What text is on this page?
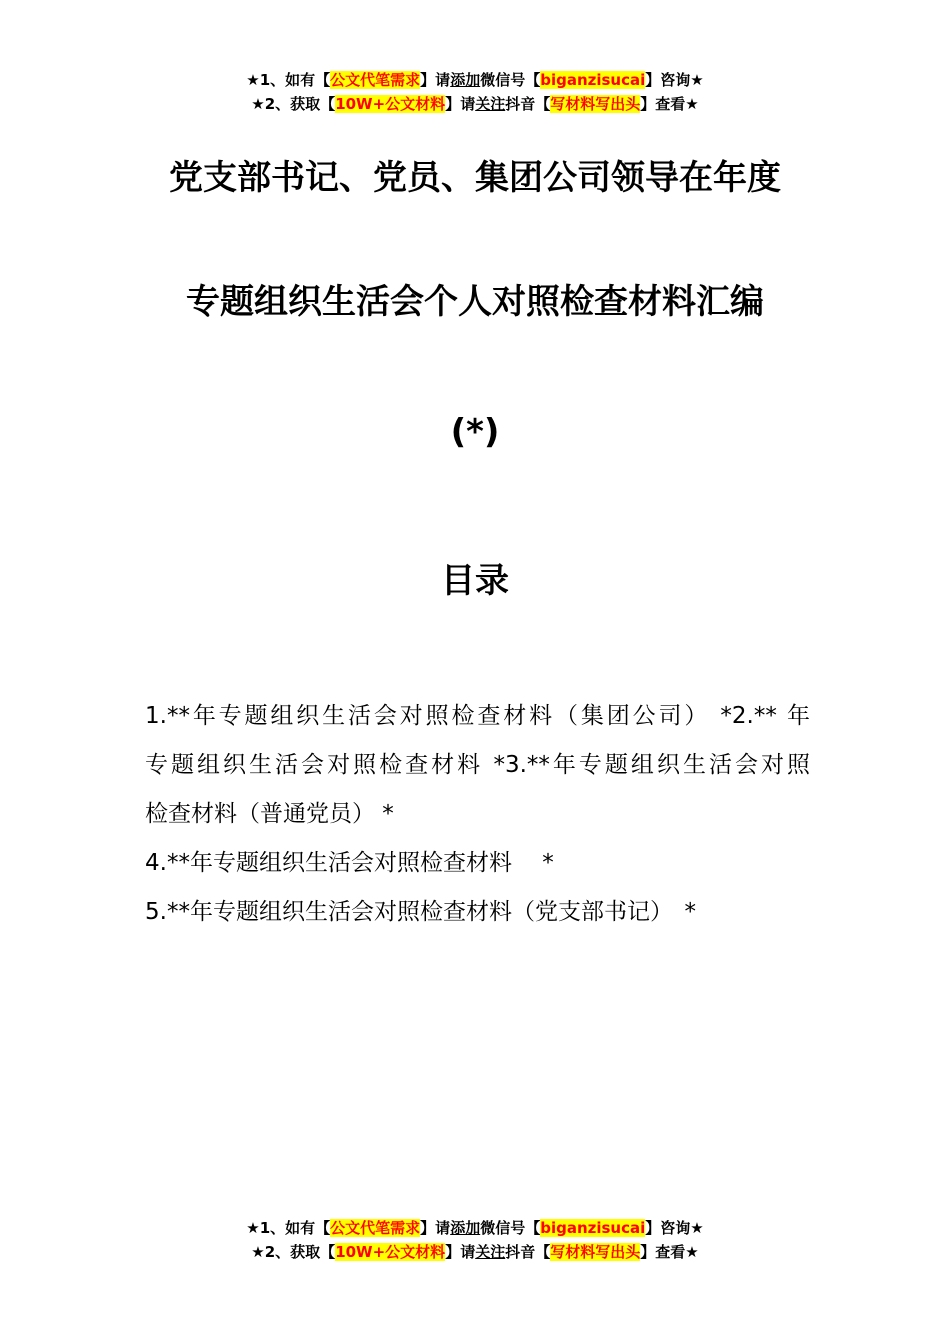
★1、如有【公文代笔需求】请添加微信号【biganzisucai】咨询★
★2、获取【10W+公文材料】请关注抖音【写材料写出头】查看★
党支部书记、党员、集团公司领导在年度
专题组织生活会个人对照检查材料汇编
(*)
目录
1.**年专题组织生活会对照检查材料（集团公司） *2.** 年
专题组织生活会对照检查材料 *3.**年专题组织生活会对照
检查材料（普通党员） *
4.**年专题组织生活会对照检查材料　 *
5.**年专题组织生活会对照检查材料（党支部书记）　*
★1、如有【公文代笔需求】请添加微信号【biganzisucai】咨询★
★2、获取【10W+公文材料】请关注抖音【写材料写出头】查看★
